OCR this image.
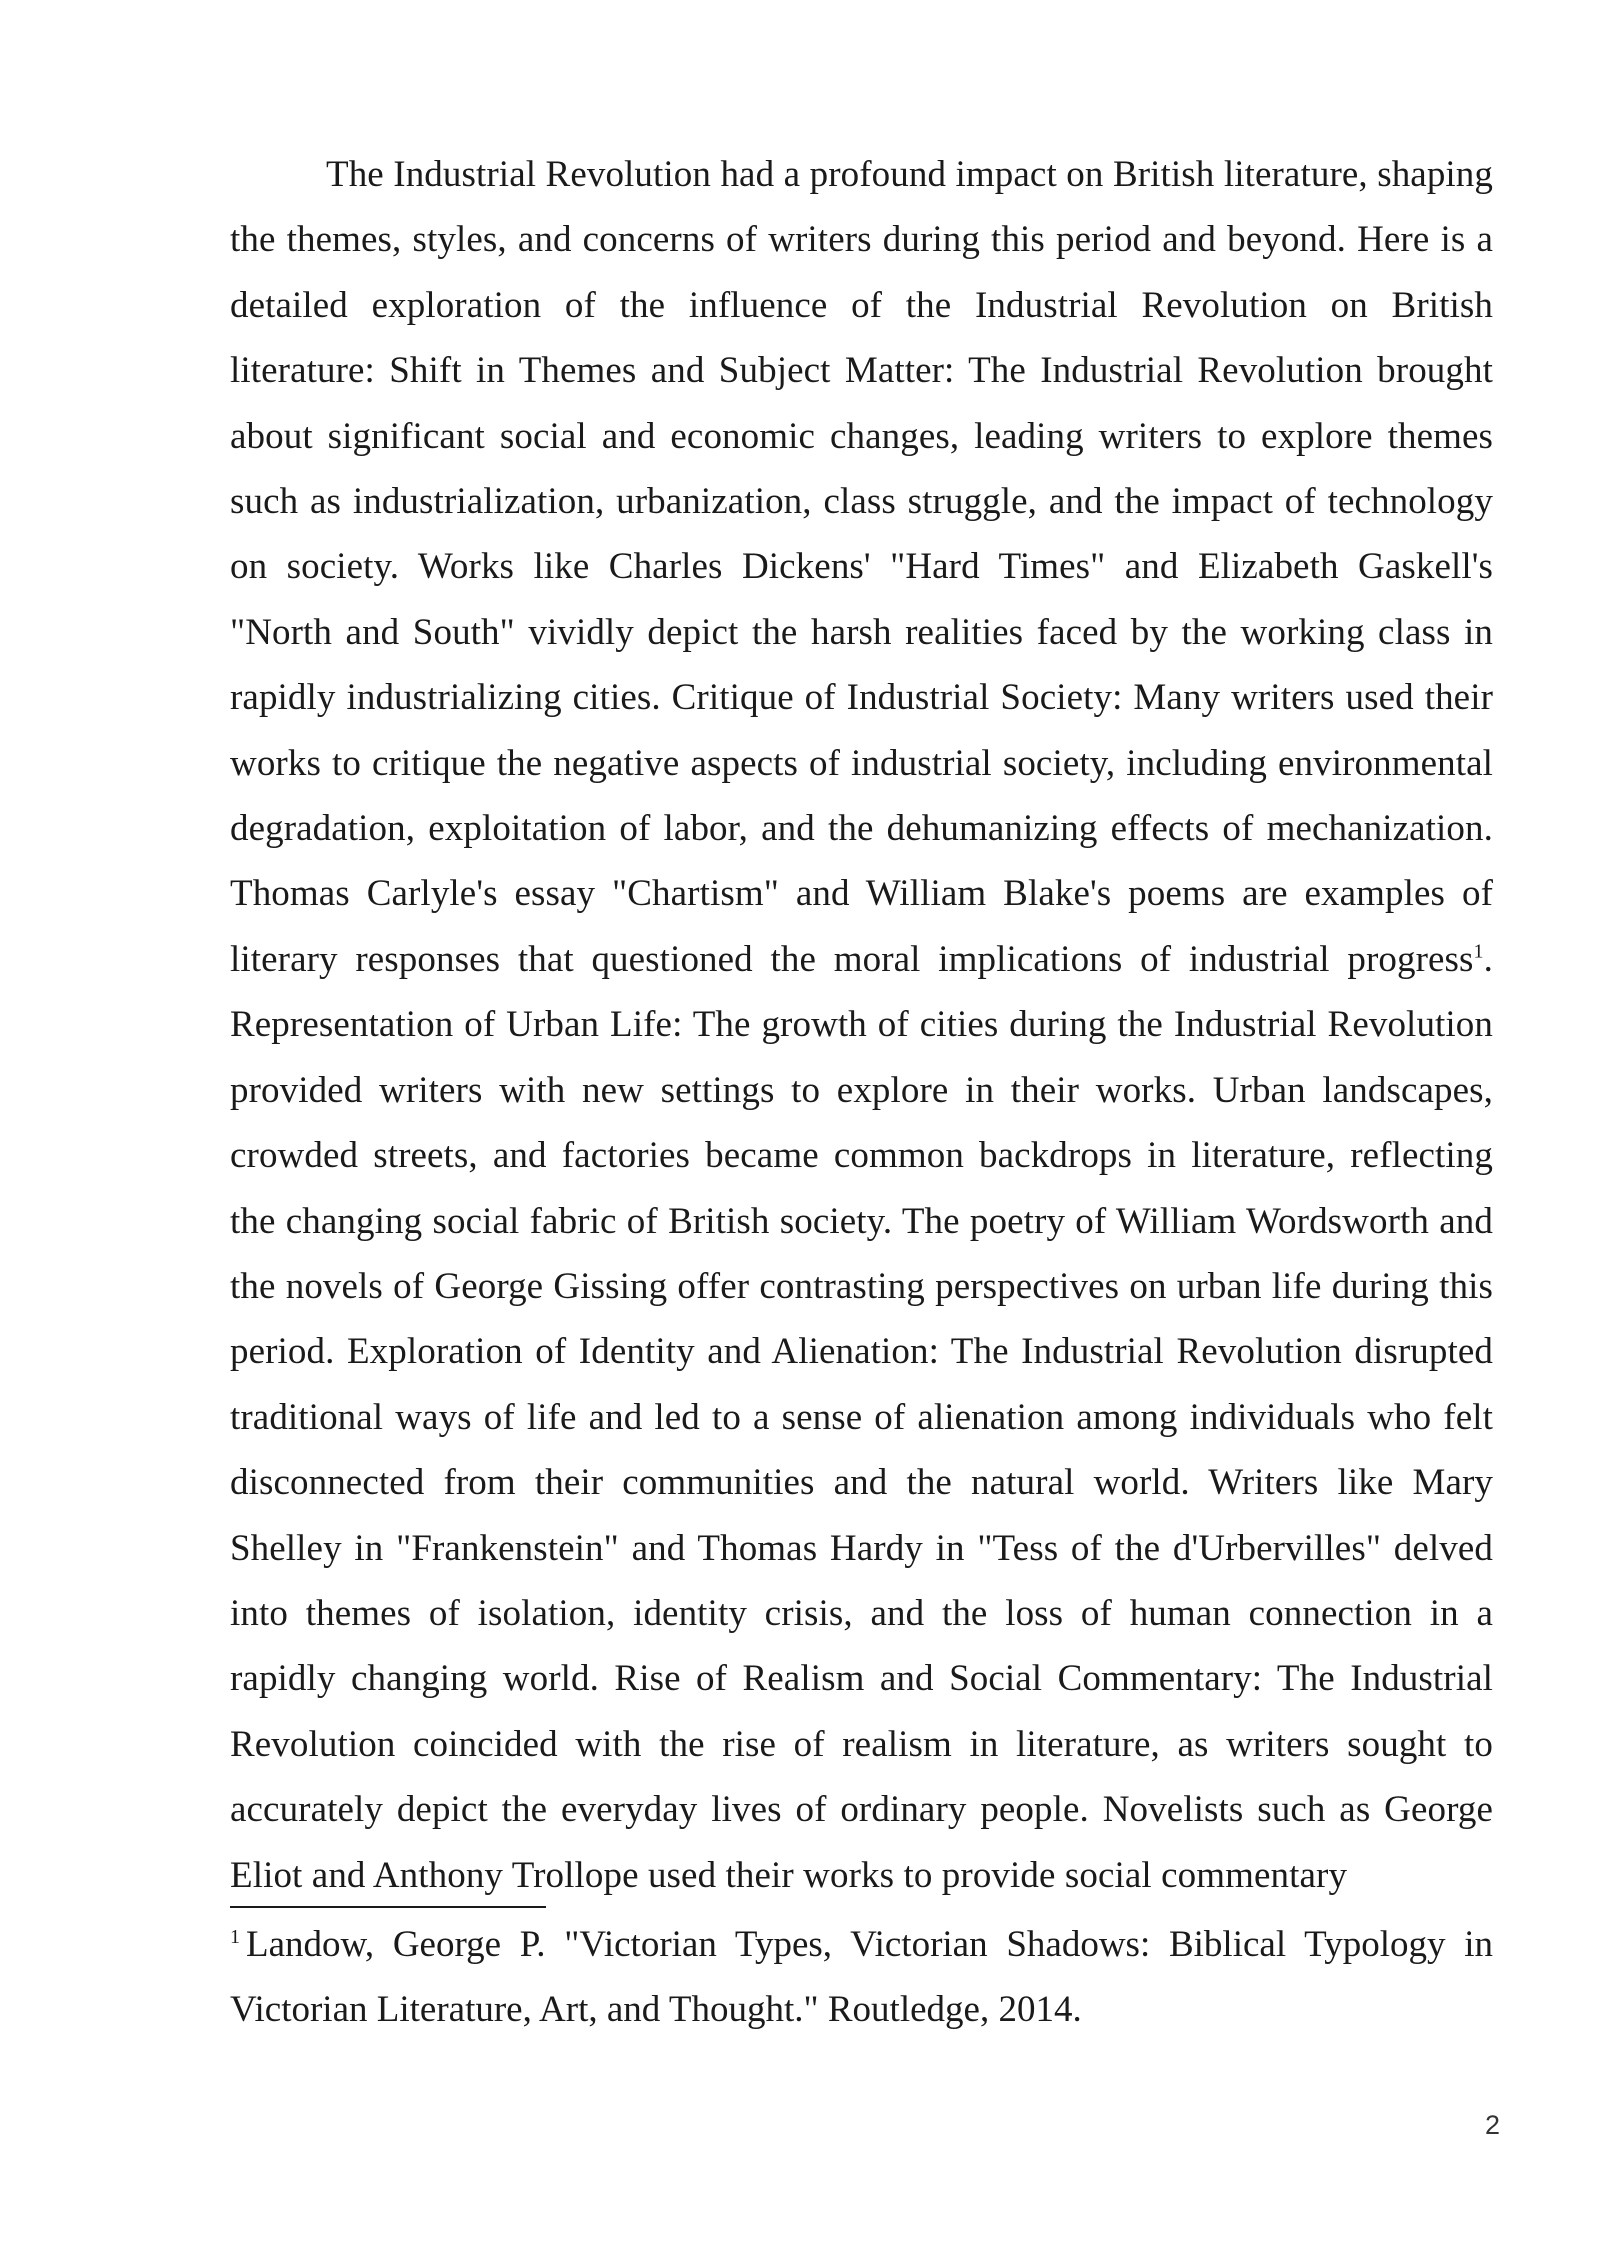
The Industrial Revolution had a profound impact on British literature, shaping the themes, styles, and concerns of writers during this period and beyond. Here is a detailed exploration of the influence of the Industrial Revolution on British literature: Shift in Themes and Subject Matter: The Industrial Revolution brought about significant social and economic changes, leading writers to explore themes such as industrialization, urbanization, class struggle, and the impact of technology on society. Works like Charles Dickens' "Hard Times" and Elizabeth Gaskell's "North and South" vividly depict the harsh realities faced by the working class in rapidly industrializing cities. Critique of Industrial Society: Many writers used their works to critique the negative aspects of industrial society, including environmental degradation, exploitation of labor, and the dehumanizing effects of mechanization. Thomas Carlyle's essay "Chartism" and William Blake's poems are examples of literary responses that questioned the moral implications of industrial progress$^1$. Representation of Urban Life: The growth of cities during the Industrial Revolution provided writers with new settings to explore in their works. Urban landscapes, crowded streets, and factories became common backdrops in literature, reflecting the changing social fabric of British society. The poetry of William Wordsworth and the novels of George Gissing offer contrasting perspectives on urban life during this period. Exploration of Identity and Alienation: The Industrial Revolution disrupted traditional ways of life and led to a sense of alienation among individuals who felt disconnected from their communities and the natural world. Writers like Mary Shelley in "Frankenstein" and Thomas Hardy in "Tess of the d'Urbervilles" delved into themes of isolation, identity crisis, and the loss of human connection in a rapidly changing world. Rise of Realism and Social Commentary: The Industrial Revolution coincided with the rise of realism in literature, as writers sought to accurately depict the everyday lives of ordinary people. Novelists such as George Eliot and Anthony Trollope used their works to provide social commentary

$^1$ Landow, George P. "Victorian Types, Victorian Shadows: Biblical Typology in Victorian Literature, Art, and Thought." Routledge, 2014.

2
